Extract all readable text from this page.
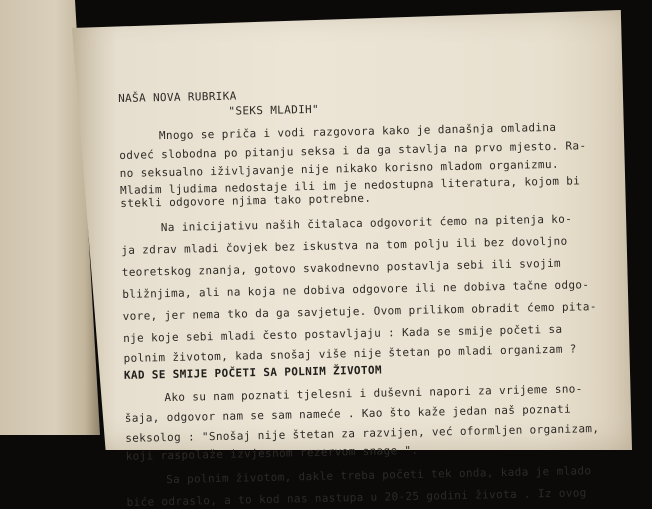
NAŠA NOVA RUBRIKA
"SEKS MLADIH"
Mnogo se priča i vodi razgovora kako je današnja omladina
odveć slobodna po pitanju seksa i da ga stavlja na prvo mjesto. Ra-
no seksualno iživljavanje nije nikako korisno mladom organizmu.
Mladim ljudima nedostaje ili im je nedostupna literatura, kojom bi
stekli odgovore njima tako potrebne.
Na inicijativu naših čitalaca odgovorit ćemo na pitenja ko-
ja zdrav mladi čovjek bez iskustva na tom polju ili bez dovoljno
teoretskog znanja, gotovo svakodnevno postavlja sebi ili svojim
bližnjima, ali na koja ne dobiva odgovore ili ne dobiva tačne odgo-
vore, jer nema tko da ga savjetuje. Ovom prilikom obradit ćemo pita-
nje koje sebi mladi često postavljaju : Kada se smije početi sa
polnim životom, kada snošaj više nije štetan po mladi organizam ?
KAD SE SMIJE POČETI SA POLNIM ŽIVOTOM
Ako su nam poznati tjelesni i duševni napori za vrijeme sno-
šaja, odgovor nam se sam nameće . Kao što kaže jedan naš poznati
seksolog : "Snošaj nije štetan za razvijen, već oformljen organizam,
koji raspolaže izvjesnom rezervom snage ".
Sa polnim životom, dakle treba početi tek onda, kada je mlado
biće odraslo, a to kod nas nastupa u 20-25 godini života . Iz ovog
